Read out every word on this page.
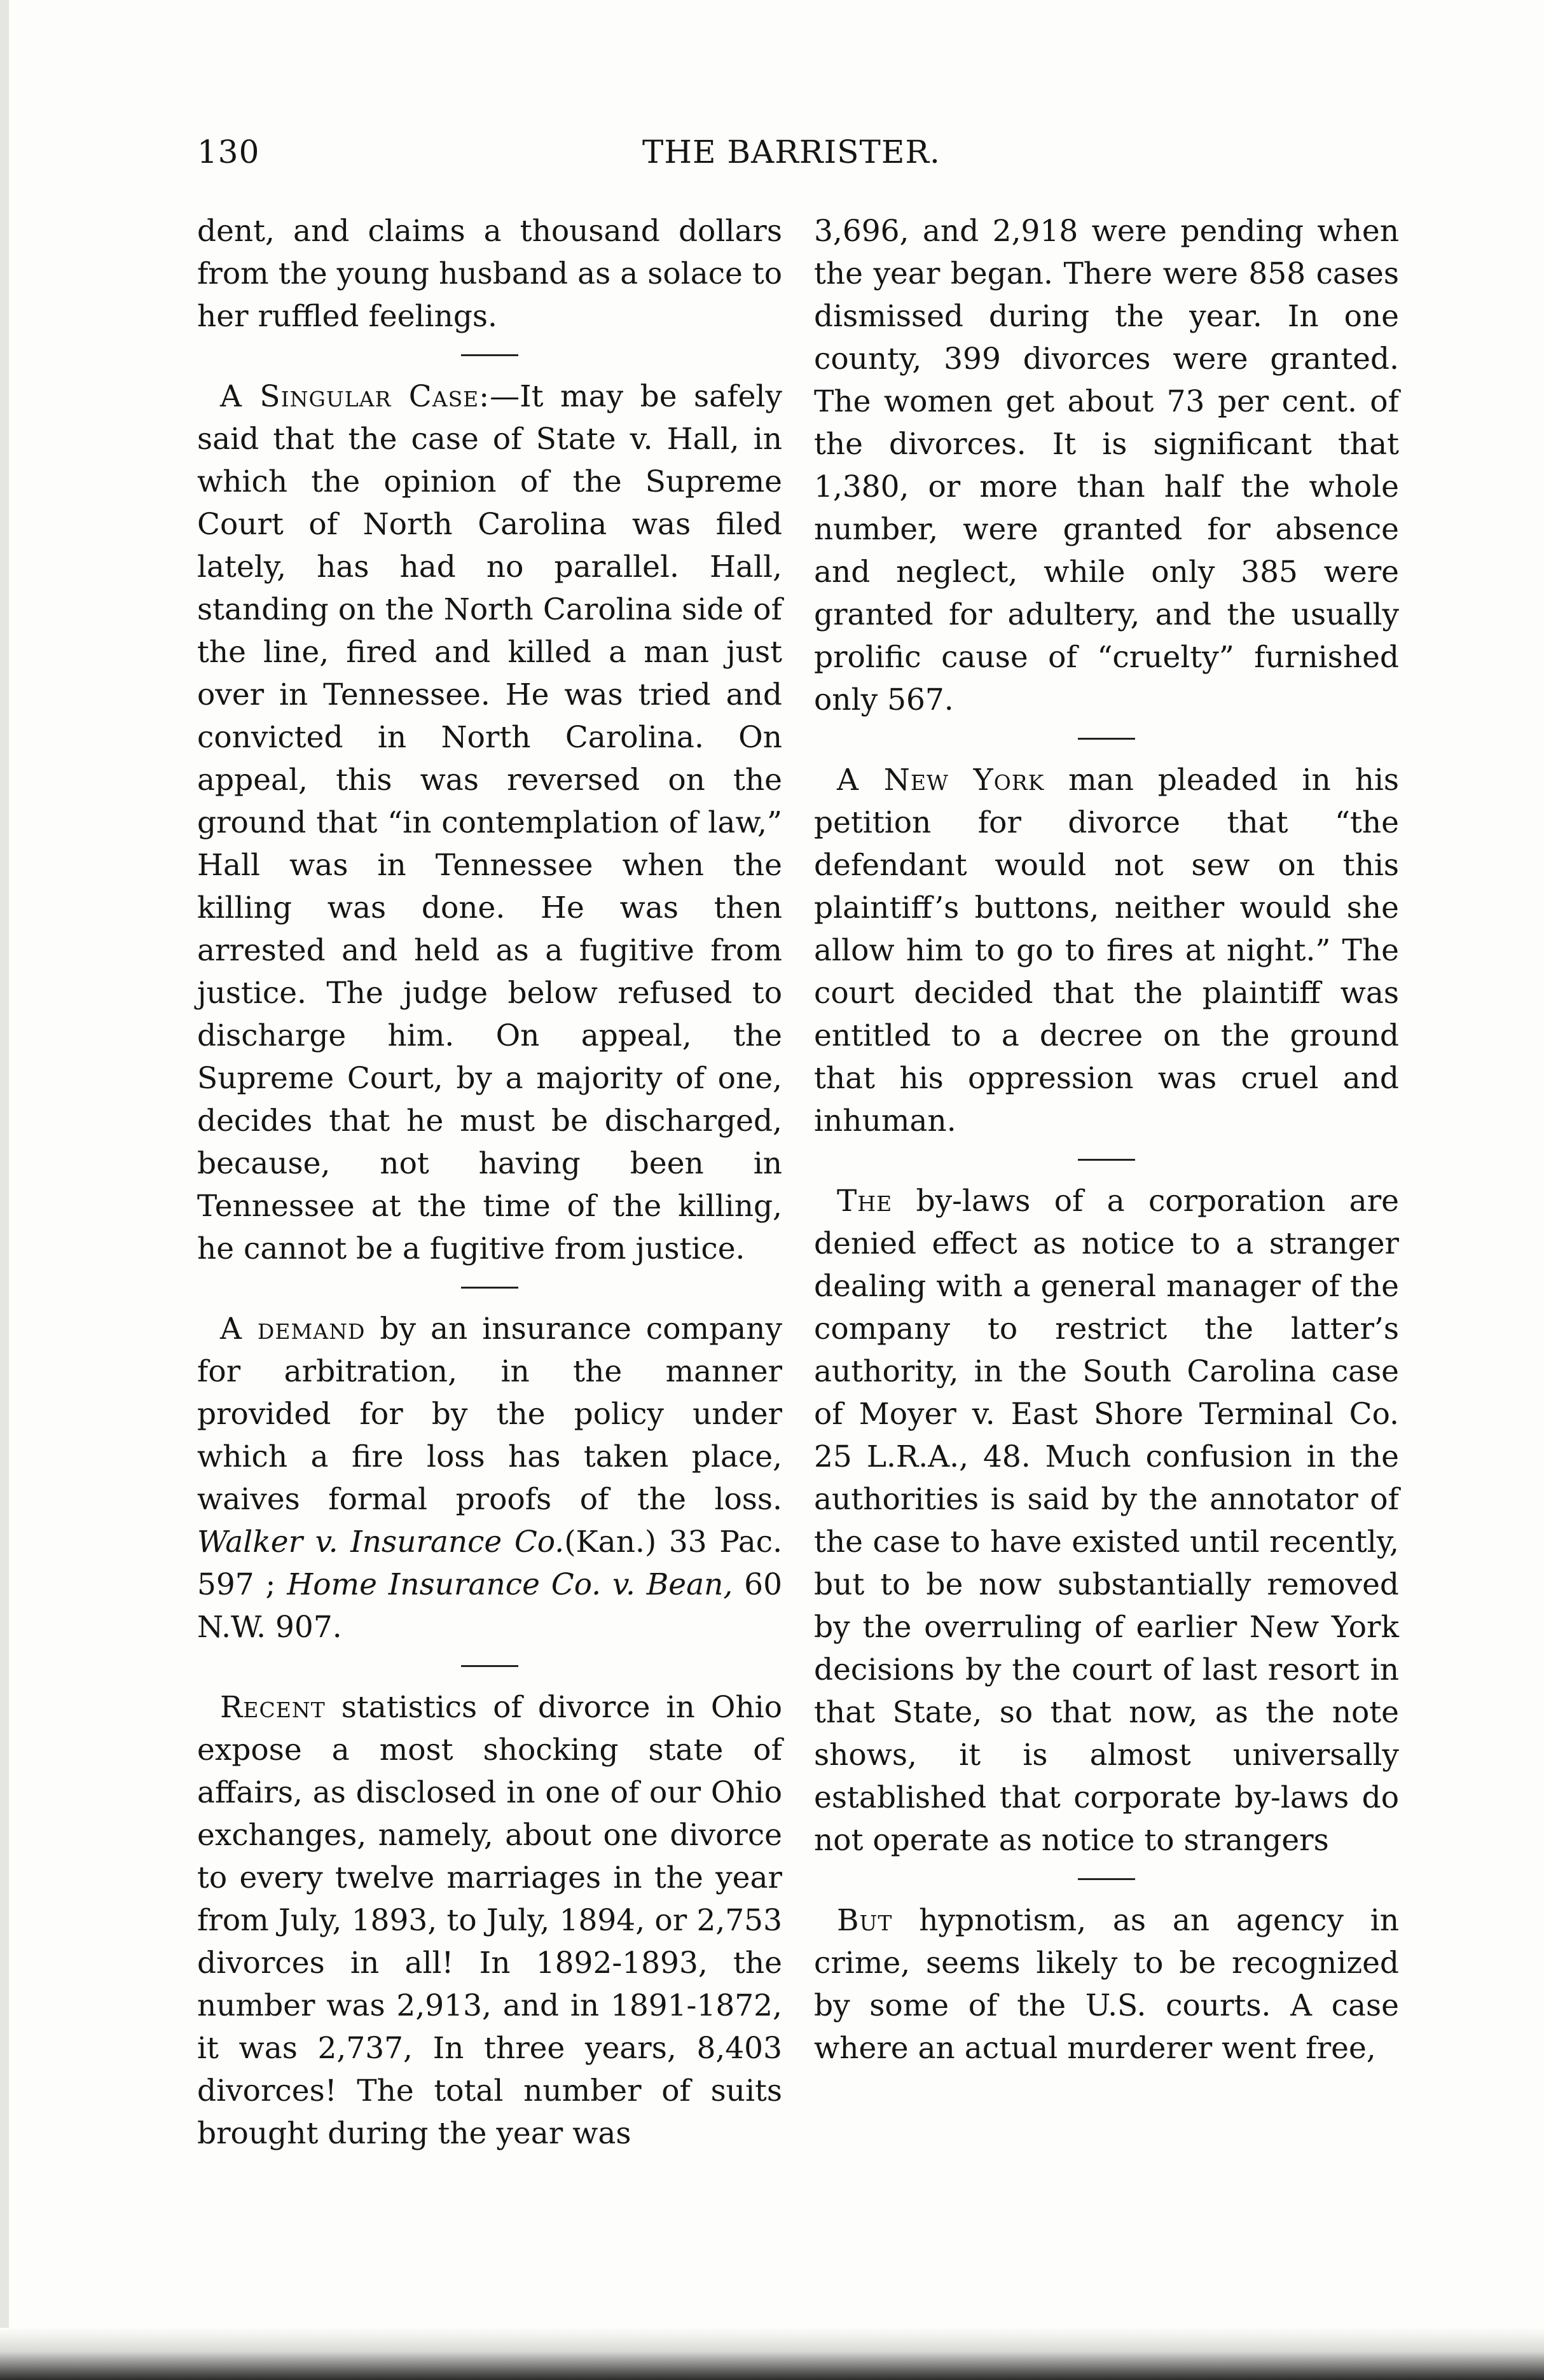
130	THE BARRISTER.

dent, and claims a thousand dollars from the young husband as a solace to her ruffled feelings.

A Singular Case:—It may be safely said that the case of State v. Hall, in which the opinion of the Supreme Court of North Carolina was filed lately, has had no parallel. Hall, standing on the North Carolina side of the line, fired and killed a man just over in Tennessee. He was tried and convicted in North Carolina. On appeal, this was reversed on the ground that “in contemplation of law,” Hall was in Tennessee when the killing was done. He was then arrested and held as a fugitive from justice. The judge below refused to discharge him. On appeal, the Supreme Court, by a majority of one, decides that he must be discharged, because, not having been in Tennessee at the time of the killing, he cannot be a fugitive from justice.

A demand by an insurance company for arbitration, in the manner provided for by the policy under which a fire loss has taken place, waives formal proofs of the loss. Walker v. Insurance Co.(Kan.) 33 Pac. 597 ; Home Insurance Co. v. Bean, 60 N.W. 907.

Recent statistics of divorce in Ohio expose a most shocking state of affairs, as disclosed in one of our Ohio exchanges, namely, about one divorce to every twelve marriages in the year from July, 1893, to July, 1894, or 2,753 divorces in all! In 1892-1893, the number was 2,913, and in 1891-1872, it was 2,737, In three years, 8,403 divorces! The total number of suits brought during the year was

3,696, and 2,918 were pending when the year began. There were 858 cases dismissed during the year. In one county, 399 divorces were granted. The women get about 73 per cent. of the divorces. It is significant that 1,380, or more than half the whole number, were granted for absence and neglect, while only 385 were granted for adultery, and the usually prolific cause of “cruelty” furnished only 567.

A New York man pleaded in his petition for divorce that “the defendant would not sew on this plaintiff’s buttons, neither would she allow him to go to fires at night.” The court decided that the plaintiff was entitled to a decree on the ground that his oppression was cruel and inhuman.

The by-laws of a corporation are denied effect as notice to a stranger dealing with a general manager of the company to restrict the latter’s authority, in the South Carolina case of Moyer v. East Shore Terminal Co. 25 L.R.A., 48. Much confusion in the authorities is said by the annotator of the case to have existed until recently, but to be now substantially removed by the overruling of earlier New York decisions by the court of last resort in that State, so that now, as the note shows, it is almost universally established that corporate by-laws do not operate as notice to strangers

But hypnotism, as an agency in crime, seems likely to be recognized by some of the U.S. courts. A case where an actual murderer went free,
